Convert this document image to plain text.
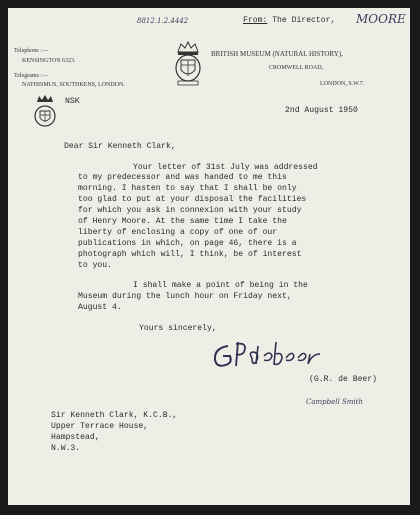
8812.1.2.4442	From: The Director, MOORE
Telephone :—
KENSINGTON 6323.
Telegrams :—
NATHISMUS, SOUTHKENS, LONDON.
BRITISH MUSEUM (NATURAL HISTORY),
CROMWELL ROAD,
LONDON, S.W.7.
NSK
2nd August 1950
Dear Sir Kenneth Clark,
Your letter of 31st July was addressed
to my predecessor and was handed to me this
morning. I hasten to say that I shall be only
too glad to put at your disposal the facilities
for which you ask in connexion with your study
of Henry Moore. At the same time I take the
liberty of enclosing a copy of one of our
publications in which, on page 46, there is a
photograph which will, I think, be of interest
to you.
I shall make a point of being in the
Museum during the lunch hour on Friday next,
August 4.
Yours sincerely,
(G.R. de Beer)
Sir Kenneth Clark, K.C.B.,
Upper Terrace House,
Hampstead,
N.W.3.
Campbell Smith
